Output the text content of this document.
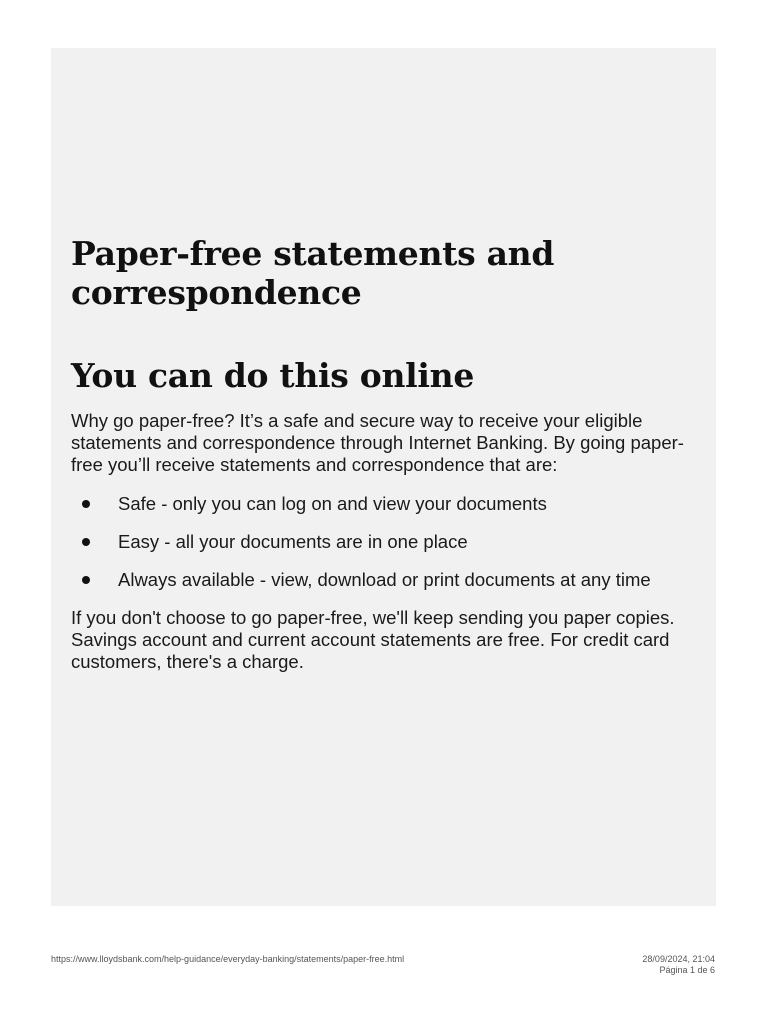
Paper-free statements and correspondence
You can do this online

Why go paper-free? It’s a safe and secure way to receive your eligible statements and correspondence through Internet Banking. By going paper-free you’ll receive statements and correspondence that are:

Safe - only you can log on and view your documents
Easy - all your documents are in one place
Always available - view, download or print documents at any time

If you don't choose to go paper-free, we'll keep sending you paper copies. Savings account and current account statements are free. For credit card customers, there's a charge.

https://www.lloydsbank.com/help-guidance/everyday-banking/statements/paper-free.html	28/09/2024, 21:04
Página 1 de 6
